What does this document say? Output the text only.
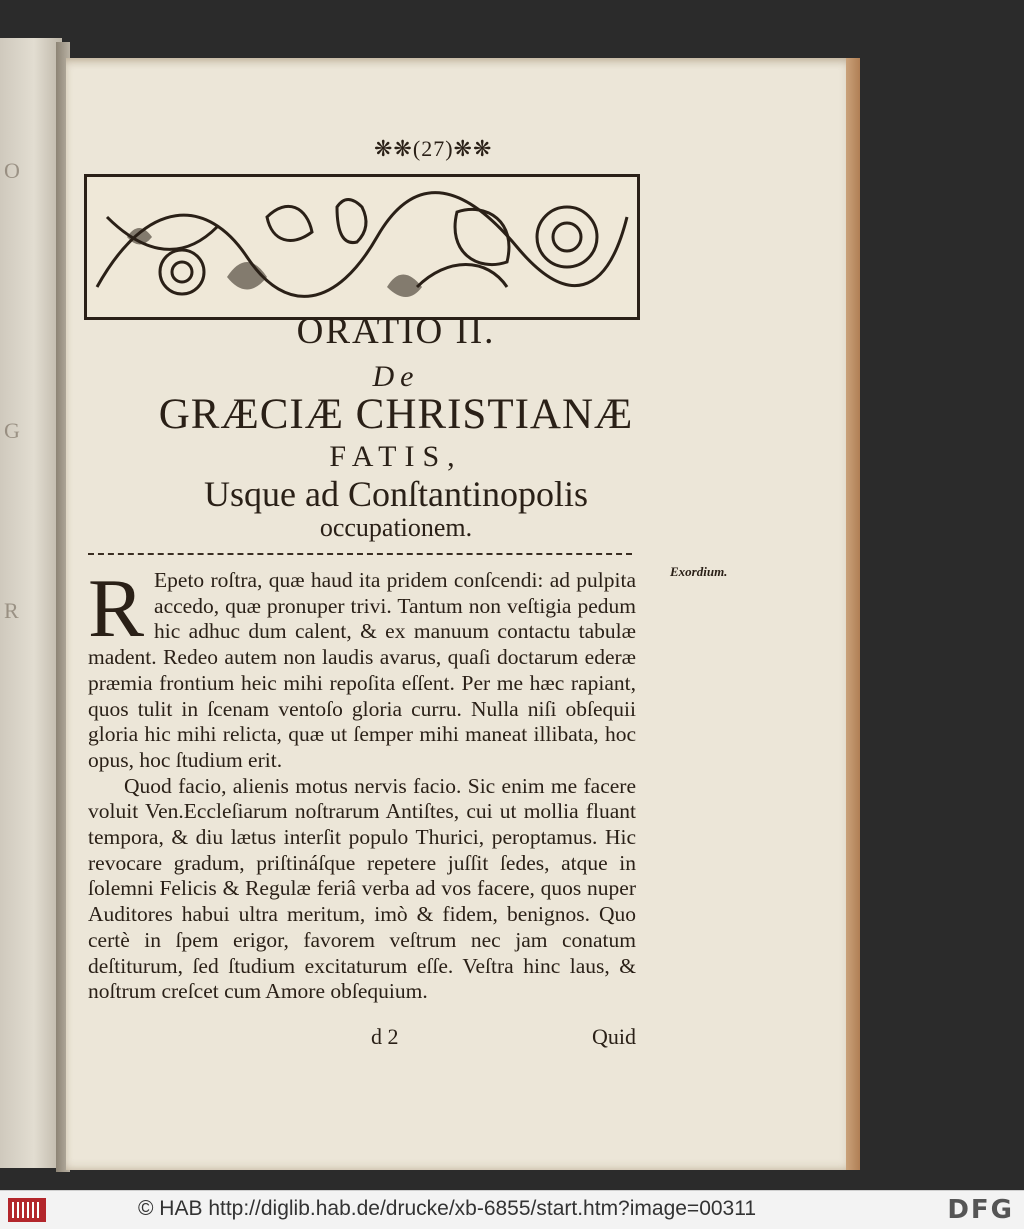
O
G
R
❋❋(27)❋❋
ORATIO II.
De
GRÆCIÆ CHRISTIANÆ
FATIS,
Usque ad Conſtantinopolis
occupationem.

R Epeto roſtra, quæ haud ita pridem conſcendi: ad pulpita accedo, quæ pronuper trivi. Tantum non veſtigia pedum hic adhuc dum calent, & ex manuum contactu tabulæ madent. Redeo autem non laudis avarus, quaſi doctarum ederæ præmia frontium heic mihi repoſita eſſent. Per me hæc rapiant, quos tulit in ſcenam ventoſo gloria curru. Nulla niſi obſequii gloria hic mihi relicta, quæ ut ſemper mihi maneat illibata, hoc opus, hoc ſtudium erit.

Quod facio, alienis motus nervis facio. Sic enim me facere voluit Ven.Eccleſiarum noſtrarum Antiſtes, cui ut mollia fluant tempora, & diu lætus interſit populo Thurici, peroptamus. Hic revocare gradum, priſtináſque repetere juſſit ſedes, atque in ſolemni Felicis & Regulæ feriâ verba ad vos facere, quos nuper Auditores habui ultra meritum, imò & fidem, benignos. Quo certè in ſpem erigor, favorem veſtrum nec jam conatum deſtiturum, ſed ſtudium excitaturum eſſe. Veſtra hinc laus, & noſtrum creſcet cum Amore obſequium.

d 2	Quid
Exordium.
© HAB http://diglib.hab.de/drucke/xb-6855/start.htm?image=00311	DFG
